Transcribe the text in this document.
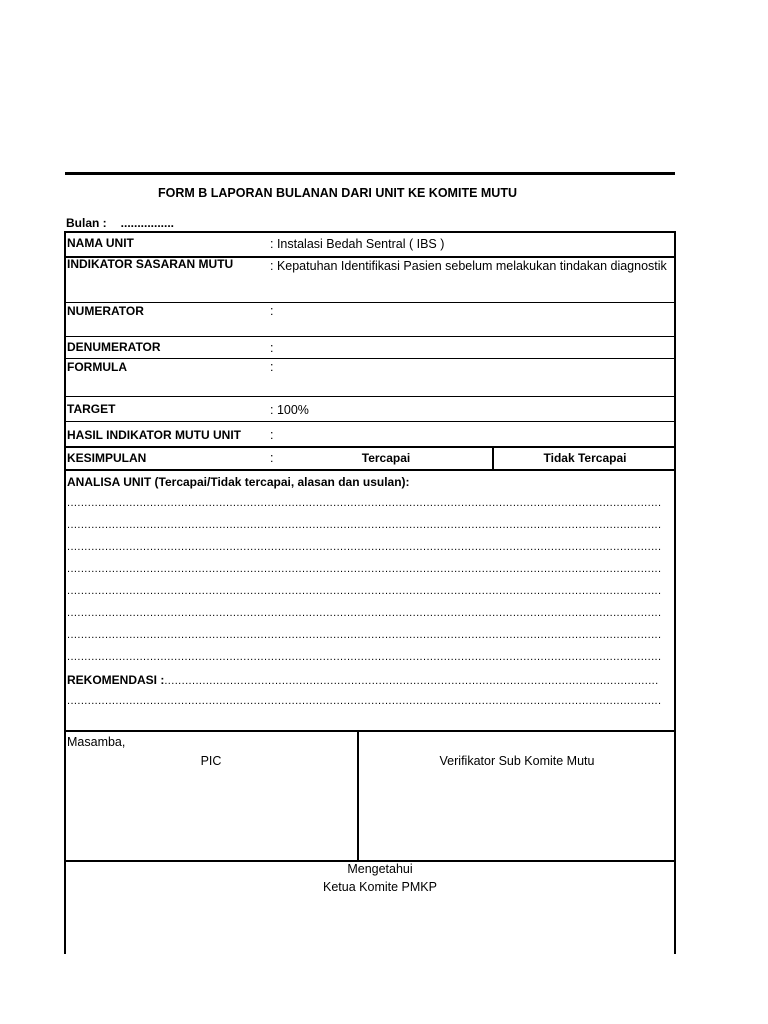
FORM B LAPORAN BULANAN DARI UNIT KE KOMITE MUTU
Bulan : ................
NAMA UNIT	: Instalasi Bedah Sentral ( IBS )
INDIKATOR SASARAN MUTU	: Kepatuhan Identifikasi Pasien sebelum melakukan tindakan diagnostik
NUMERATOR	:
DENUMERATOR	:
FORMULA	:
TARGET	: 100%
HASIL INDIKATOR MUTU UNIT :
KESIMPULAN	:	Tercapai	Tidak Tercapai
ANALISA UNIT (Tercapai/Tidak tercapai, alasan dan usulan):
............................................................................................................................................................................
............................................................................................................................................................................
............................................................................................................................................................................
............................................................................................................................................................................
............................................................................................................................................................................
............................................................................................................................................................................
............................................................................................................................................................................
............................................................................................................................................................................
REKOMENDASI :...............................................................................................................................................
............................................................................................................................................................................
Masamba,
PIC	Verifikator Sub Komite Mutu
Mengetahui
Ketua Komite PMKP
